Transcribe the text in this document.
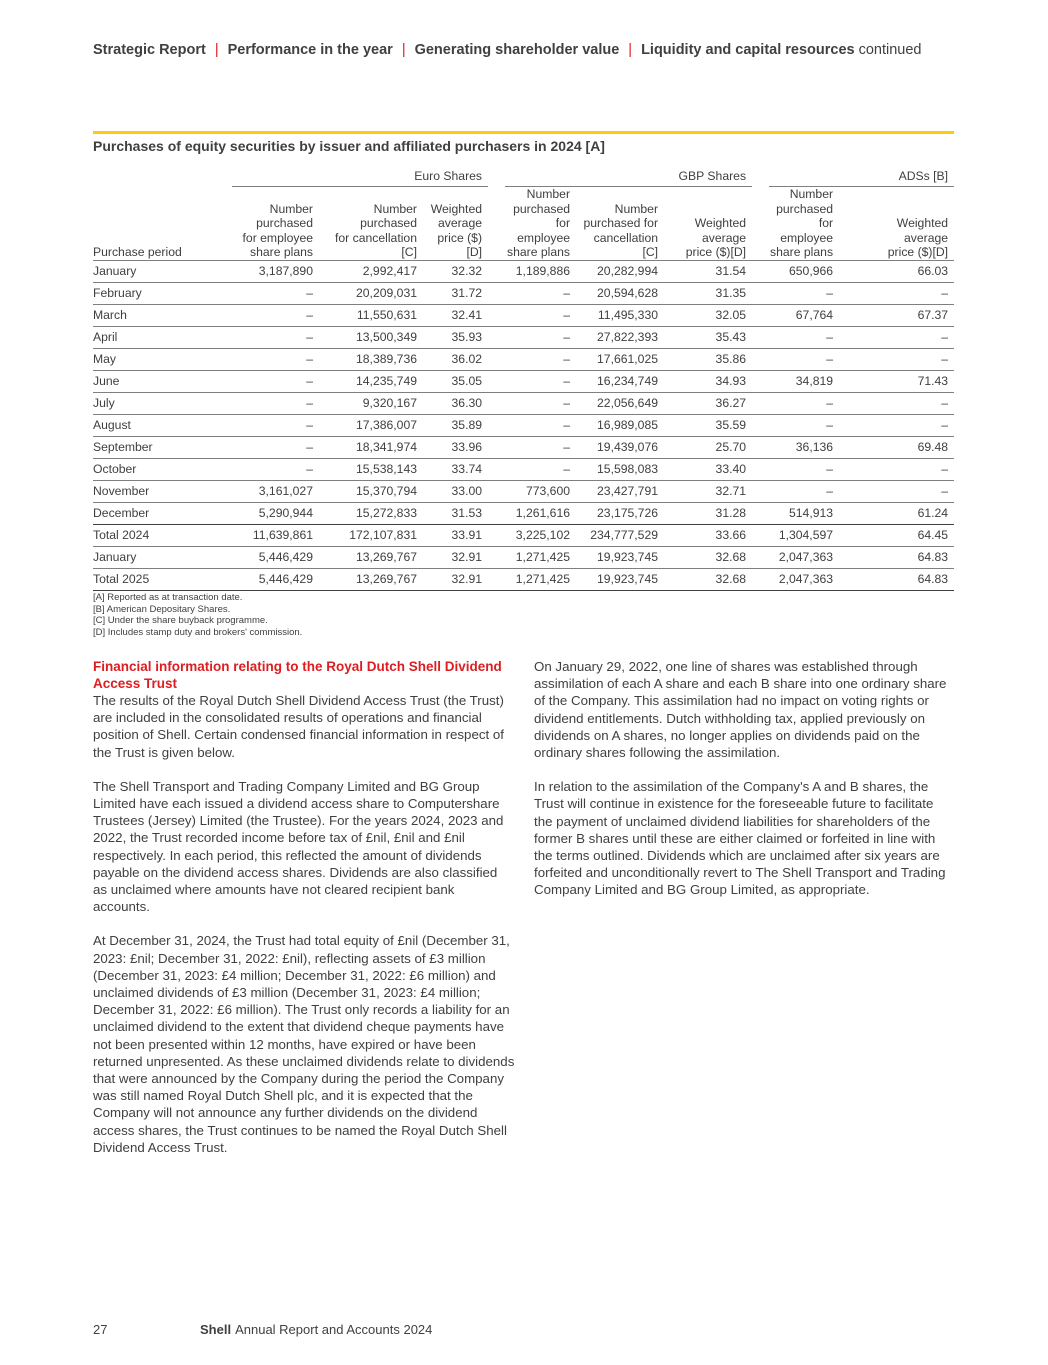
Strategic Report | Performance in the year | Generating shareholder value | Liquidity and capital resources continued
Purchases of equity securities by issuer and affiliated purchasers in 2024 [A]
	Euro Shares				GBP Shares				ADSs [B]	
Purchase period	Number
purchased
for employee
share plans	Number
purchased
for cancellation
[C]	Weighted
average
price ($)[D]		Number
purchased
for employee
share plans	Number
purchased for
cancellation
[C]	Weighted
average
price ($)[D]		Number
purchased
for employee
share plans	Weighted
average
price ($)[D]
January	3,187,890	2,992,417	32.32		1,189,886	20,282,994	31.54		650,966	66.03
February	–	20,209,031	31.72		–	20,594,628	31.35		–	–
March	–	11,550,631	32.41		–	11,495,330	32.05		67,764	67.37
April	–	13,500,349	35.93		–	27,822,393	35.43		–	–
May	–	18,389,736	36.02		–	17,661,025	35.86		–	–
June	–	14,235,749	35.05		–	16,234,749	34.93		34,819	71.43
July	–	9,320,167	36.30		–	22,056,649	36.27		–	–
August	–	17,386,007	35.89		–	16,989,085	35.59		–	–
September	–	18,341,974	33.96		–	19,439,076	25.70		36,136	69.48
October	–	15,538,143	33.74		–	15,598,083	33.40		–	–
November	3,161,027	15,370,794	33.00		773,600	23,427,791	32.71		–	–
December	5,290,944	15,272,833	31.53		1,261,616	23,175,726	31.28		514,913	61.24
Total 2024	11,639,861	172,107,831	33.91		3,225,102	234,777,529	33.66		1,304,597	64.45
January	5,446,429	13,269,767	32.91		1,271,425	19,923,745	32.68		2,047,363	64.83
Total 2025	5,446,429	13,269,767	32.91		1,271,425	19,923,745	32.68		2,047,363	64.83
[A] Reported as at transaction date.
[B] American Depositary Shares.
[C] Under the share buyback programme.
[D] Includes stamp duty and brokers' commission.
Financial information relating to the Royal Dutch Shell Dividend Access Trust

The results of the Royal Dutch Shell Dividend Access Trust (the Trust) are included in the consolidated results of operations and financial position of Shell. Certain condensed financial information in respect of the Trust is given below.

The Shell Transport and Trading Company Limited and BG Group Limited have each issued a dividend access share to Computershare Trustees (Jersey) Limited (the Trustee). For the years 2024, 2023 and 2022, the Trust recorded income before tax of £nil, £nil and £nil respectively. In each period, this reflected the amount of dividends payable on the dividend access shares. Dividends are also classified as unclaimed where amounts have not cleared recipient bank accounts.

At December 31, 2024, the Trust had total equity of £nil (December 31, 2023: £nil; December 31, 2022: £nil), reflecting assets of £3 million (December 31, 2023: £4 million; December 31, 2022: £6 million) and unclaimed dividends of £3 million (December 31, 2023: £4 million; December 31, 2022: £6 million). The Trust only records a liability for an unclaimed dividend to the extent that dividend cheque payments have not been presented within 12 months, have expired or have been returned unpresented. As these unclaimed dividends relate to dividends that were announced by the Company during the period the Company was still named Royal Dutch Shell plc, and it is expected that the Company will not announce any further dividends on the dividend access shares, the Trust continues to be named the Royal Dutch Shell Dividend Access Trust.

On January 29, 2022, one line of shares was established through assimilation of each A share and each B share into one ordinary share of the Company. This assimilation had no impact on voting rights or dividend entitlements. Dutch withholding tax, applied previously on dividends on A shares, no longer applies on dividends paid on the ordinary shares following the assimilation.

In relation to the assimilation of the Company's A and B shares, the Trust will continue in existence for the foreseeable future to facilitate the payment of unclaimed dividend liabilities for shareholders of the former B shares until these are either claimed or forfeited in line with the terms outlined. Dividends which are unclaimed after six years are forfeited and unconditionally revert to The Shell Transport and Trading Company Limited and BG Group Limited, as appropriate.

27	Shell Annual Report and Accounts 2024
